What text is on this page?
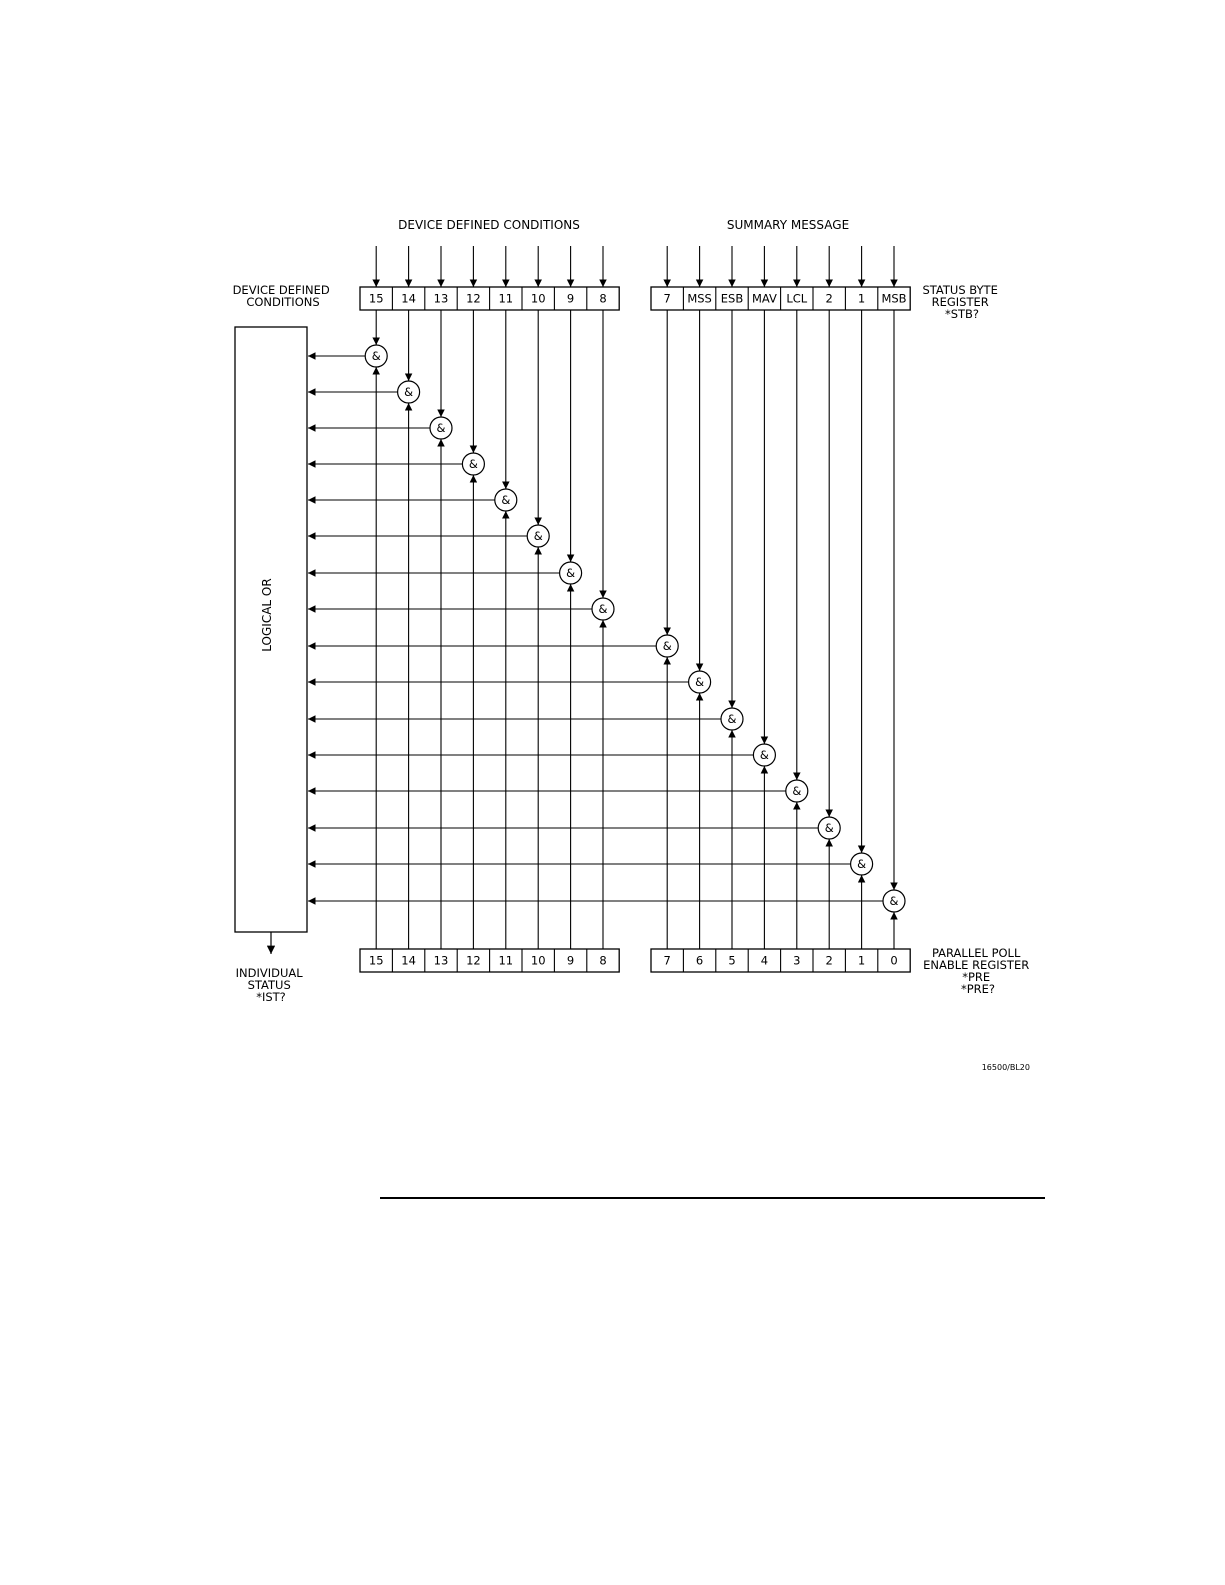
DEVICE DEFINED CONDITIONS	SUMMARY MESSAGE
DEVICE DEFINED CONDITIONS
STATUS BYTE REGISTER *STB?
15 14 13 12 11 10 9 8	7 MSS ESB MAV LCL 2 1 MSB
15 14 13 12 11 10 9 8	7 6 5 4 3 2 1 0
LOGICAL OR
&
&
&
&
&
&
&
&
&
&
&
&
&
&
&
&
INDIVIDUAL STATUS *IST?
PARALLEL POLL ENABLE REGISTER *PRE *PRE?
16500/BL20
